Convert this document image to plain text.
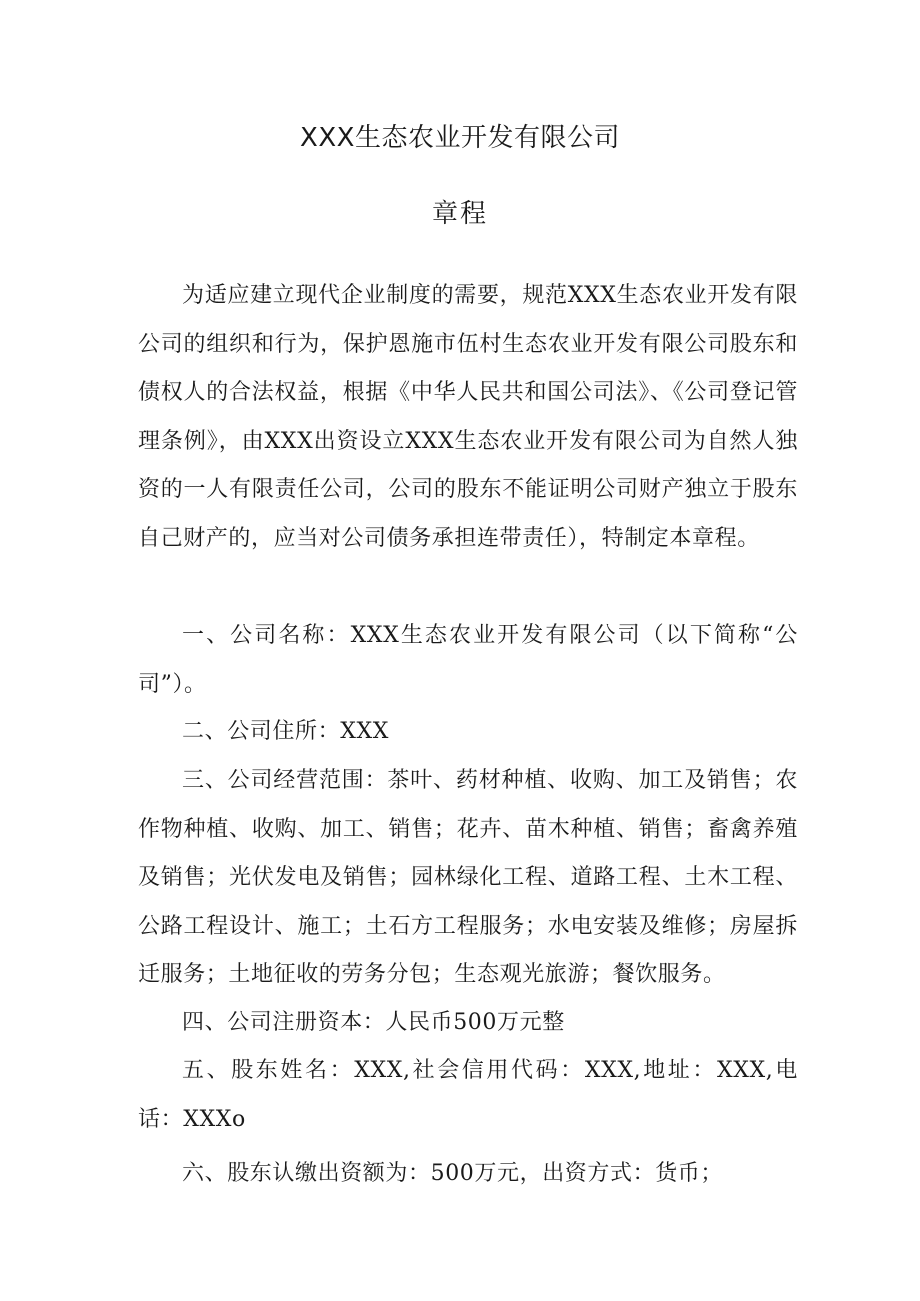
XXX生态农业开发有限公司
章程

为适应建立现代企业制度的需要，规范XXX生态农业开发有限公司的组织和行为，保护恩施市伍村生态农业开发有限公司股东和债权人的合法权益，根据《中华人民共和国公司法》、《公司登记管理条例》，由XXX出资设立XXX生态农业开发有限公司为自然人独资的一人有限责任公司，公司的股东不能证明公司财产独立于股东自己财产的，应当对公司债务承担连带责任），特制定本章程。

一、公司名称：XXX生态农业开发有限公司（以下简称“公司”）。

二、公司住所：XXX

三、公司经营范围：茶叶、药材种植、收购、加工及销售；农作物种植、收购、加工、销售；花卉、苗木种植、销售；畜禽养殖及销售；光伏发电及销售；园林绿化工程、道路工程、土木工程、公路工程设计、施工；土石方工程服务；水电安装及维修；房屋拆迁服务；土地征收的劳务分包；生态观光旅游；餐饮服务。

四、公司注册资本：人民币500万元整

五、股东姓名：XXX,社会信用代码：XXX,地址：XXX,电话：XXXo

六、股东认缴出资额为：500万元，出资方式：货币；
